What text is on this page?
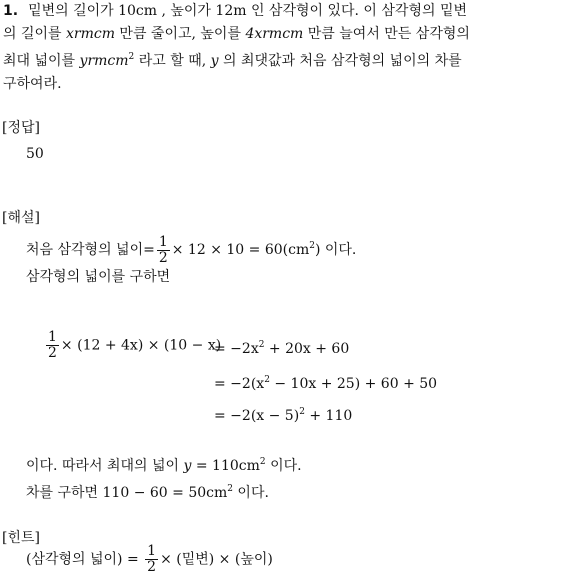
1. 밑변의 길이가 10cm , 높이가 12m 인 삼각형이 있다. 이 삼각형의 밑변
의 길이를 xrmcm 만큼 줄이고, 높이를 4xrmcm 만큼 늘여서 만든 삼각형의
최대 넓이를 yrmcm$^2$ 라고 할 때, y 의 최댓값과 처음 삼각형의 넓이의 차를
구하여라.
[정답]
50
[해설]
처음 삼각형의 넓이= $\frac{1}{2} \times 12 \times 10 = 60(cm^2)$ 이다.
삼각형의 넓이를 구하면
$\frac{1}{2} \times (12 + 4x) \times (10 - x)$
= $-2x^2 + 20x + 60$
= $-2(x^2 - 10x + 25) + 60 + 50$
= $-2(x - 5)^2 + 110$
이다. 따라서 최대의 넓이 $y = 110cm^2$ 이다.
차를 구하면 $110 - 60 = 50cm^2$ 이다.
[힌트]
(삼각형의 넓이) = $\frac{1}{2}$ × (밑변) × (높이)
